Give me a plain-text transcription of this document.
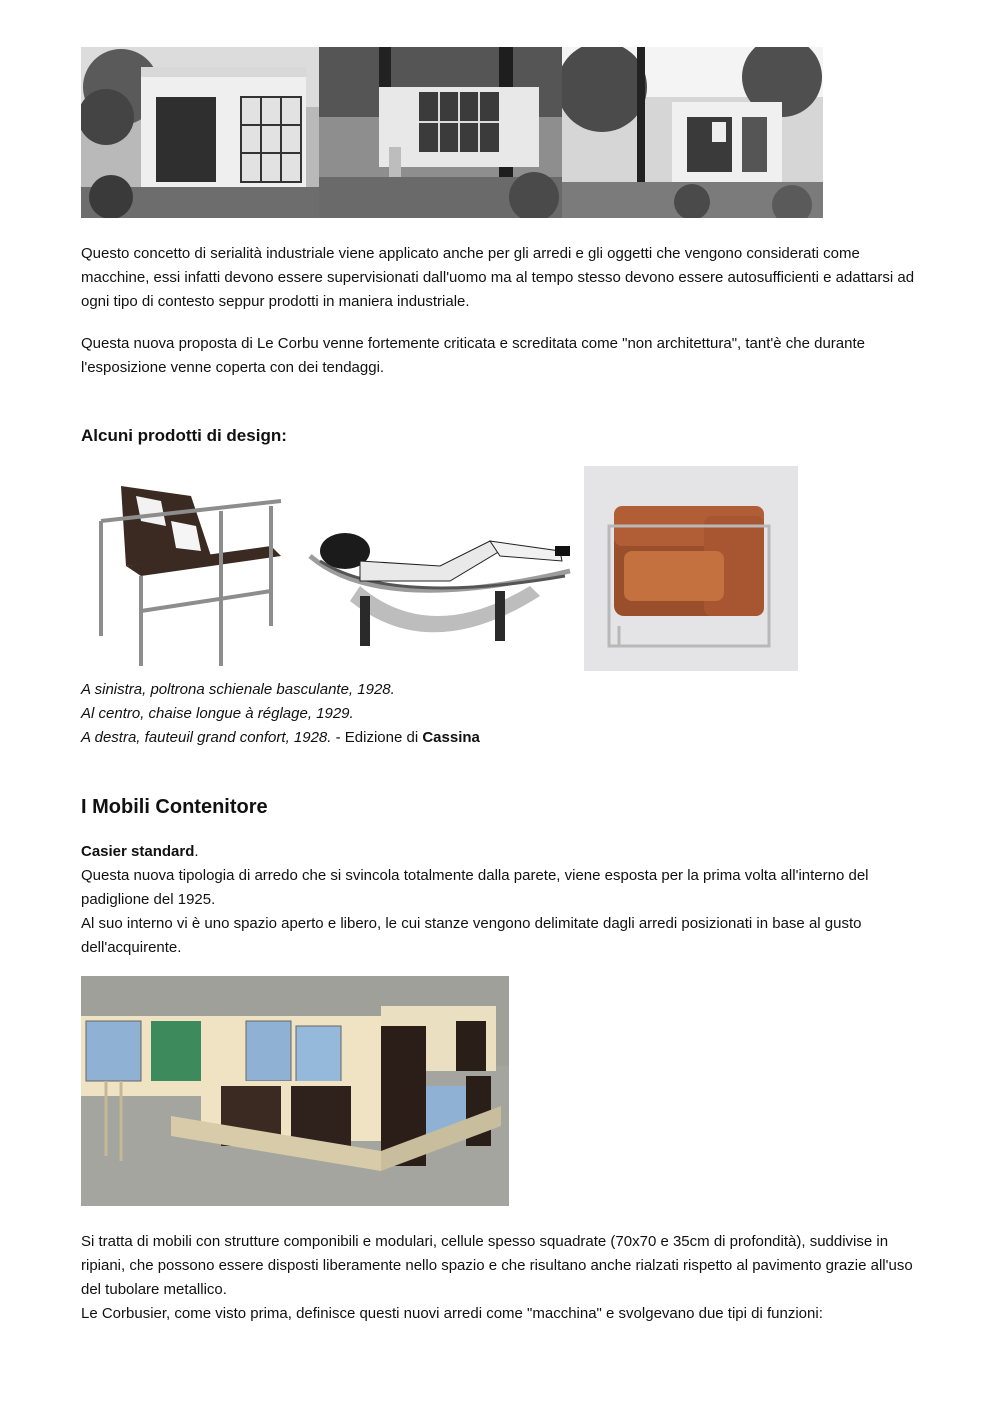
Questo concetto di serialità industriale viene applicato anche per gli arredi e gli oggetti che vengono considerati come macchine, essi infatti devono essere supervisionati dall'uomo ma al tempo stesso devono essere autosufficienti e adattarsi ad ogni tipo di contesto seppur prodotti in maniera industriale.

Questa nuova proposta di Le Corbu venne fortemente criticata e screditata come "non architettura", tant'è che durante l'esposizione venne coperta con dei tendaggi.

Alcuni prodotti di design:
A sinistra, poltrona schienale basculante, 1928.
Al centro, chaise longue à réglage, 1929.
A destra, fauteuil grand confort, 1928. - Edizione di Cassina
I Mobili Contenitore
Casier standard.
Questa nuova tipologia di arredo che si svincola totalmente dalla parete, viene esposta per la prima volta all'interno del padiglione del 1925.
Al suo interno vi è uno spazio aperto e libero, le cui stanze vengono delimitate dagli arredi posizionati in base al gusto dell'acquirente.
Si tratta di mobili con strutture componibili e modulari, cellule spesso squadrate (70x70 e 35cm di profondità), suddivise in ripiani, che possono essere disposti liberamente nello spazio e che risultano anche rialzati rispetto al pavimento grazie all'uso del tubolare metallico.
Le Corbusier, come visto prima, definisce questi nuovi arredi come "macchina" e svolgevano due tipi di funzioni:
